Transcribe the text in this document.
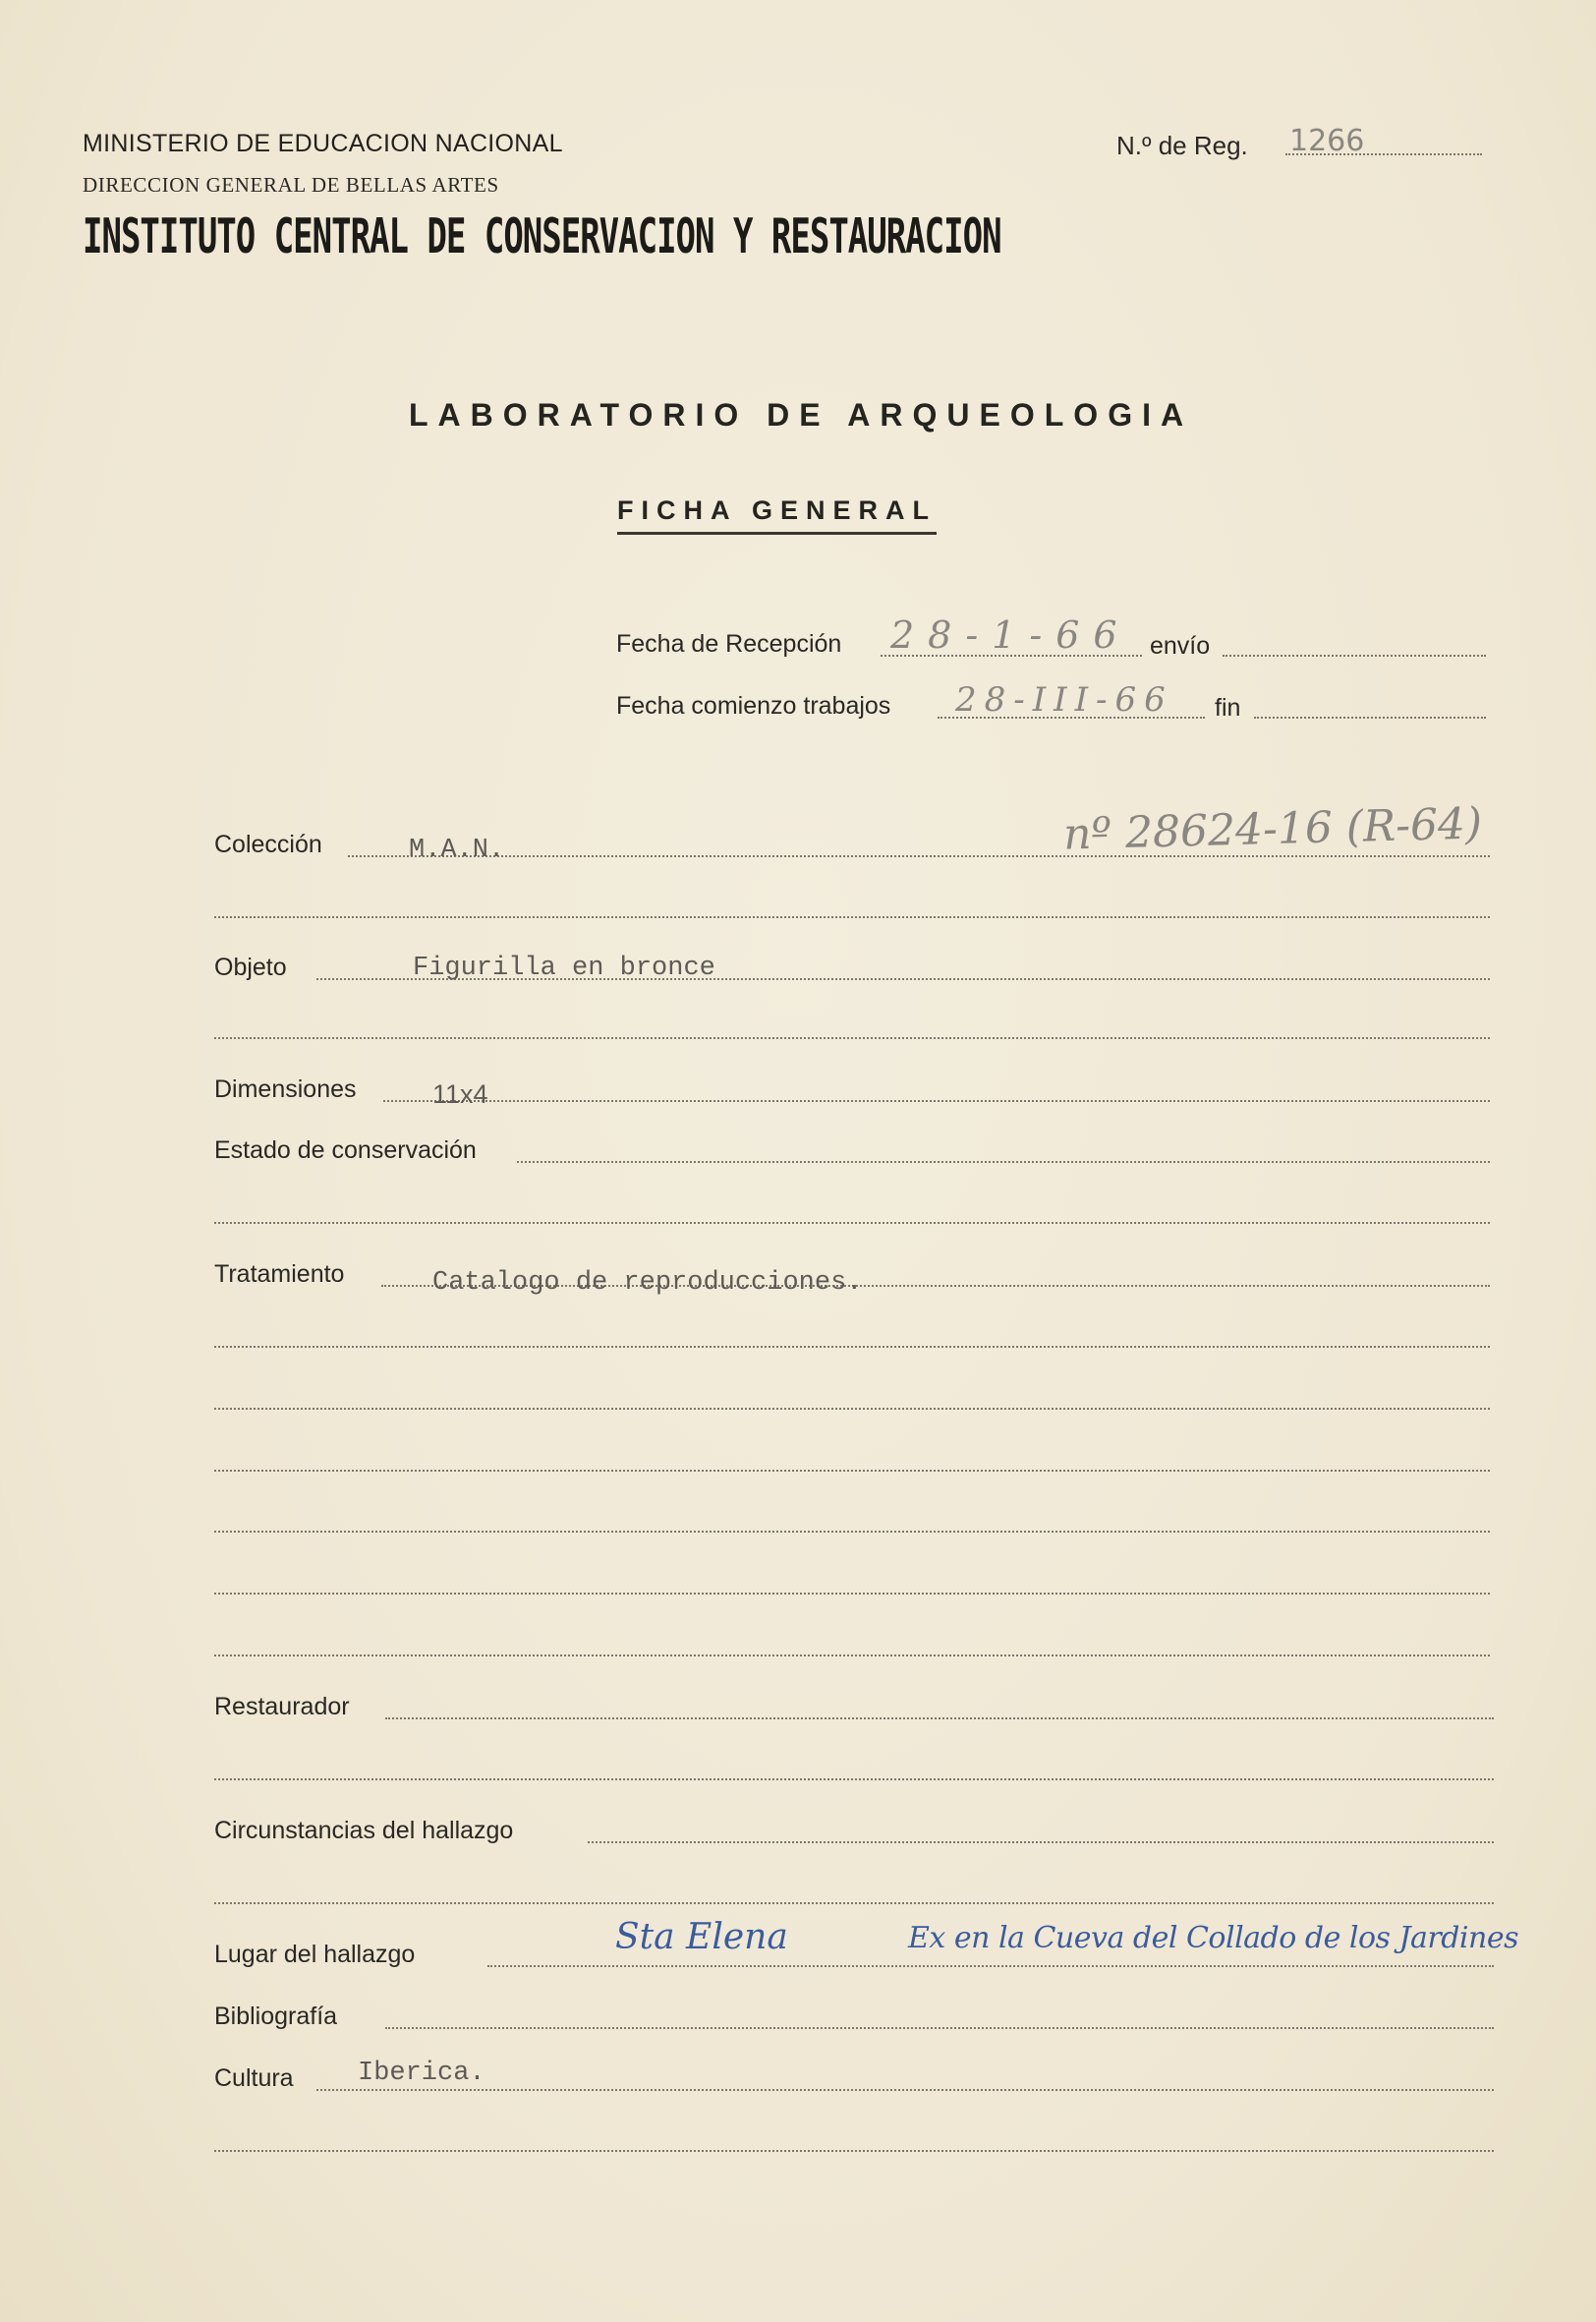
MINISTERIO DE EDUCACION NACIONAL
DIRECCION GENERAL DE BELLAS ARTES
INSTITUTO CENTRAL DE CONSERVACION Y RESTAURACION
N.º de Reg. 1266
LABORATORIO DE ARQUEOLOGIA
FICHA GENERAL
Fecha de Recepción 28-1-66 envío
Fecha comienzo trabajos 28-III-66 fin
Colección	M.A.N.	nº 28624-16 (R-64)
Objeto	Figurilla en bronce
Dimensiones	11x4
Estado de conservación
Tratamiento	Catalogo de reproducciones.
Restaurador
Circunstancias del hallazgo
Lugar del hallazgo	Sta Elena	Ex en la Cueva del Collado de los Jardines
Bibliografía
Cultura Iberica.
